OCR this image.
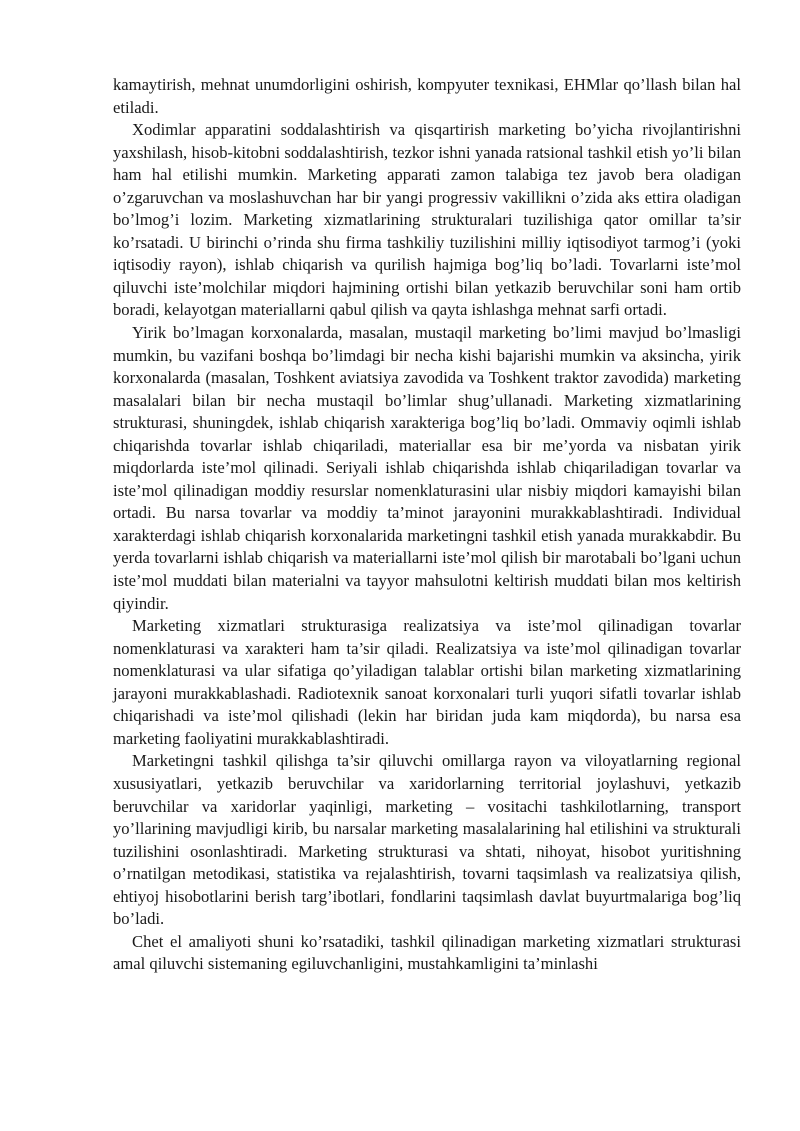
kamaytirish, mehnat unumdorligini oshirish, kompyuter texnikasi, EHMlar qo’llash bilan hal etiladi.

Xodimlar apparatini soddalashtirish va qisqartirish marketing bo’yicha rivojlantirishni yaxshilash, hisob-kitobni soddalashtirish, tezkor ishni yanada ratsional tashkil etish yo’li bilan ham hal etilishi mumkin. Marketing apparati zamon talabiga tez javob bera oladigan o’zgaruvchan va moslashuvchan har bir yangi progressiv vakillikni o’zida aks ettira oladigan bo’lmog’i lozim. Marketing xizmatlarining strukturalari tuzilishiga qator omillar ta’sir ko’rsatadi. U birinchi o’rinda shu firma tashkiliy tuzilishini milliy iqtisodiyot tarmog’i (yoki iqtisodiy rayon), ishlab chiqarish va qurilish hajmiga bog’liq bo’ladi. Tovarlarni iste’mol qiluvchi iste’molchilar miqdori hajmining ortishi bilan yetkazib beruvchilar soni ham ortib boradi, kelayotgan materiallarni qabul qilish va qayta ishlashga mehnat sarfi ortadi.

Yirik bo’lmagan korxonalarda, masalan, mustaqil marketing bo’limi mavjud bo’lmasligi mumkin, bu vazifani boshqa bo’limdagi bir necha kishi bajarishi mumkin va aksincha, yirik korxonalarda (masalan, Toshkent aviatsiya zavodida va Toshkent traktor zavodida) marketing masalalari bilan bir necha mustaqil bo’limlar shug’ullanadi. Marketing xizmatlarining strukturasi, shuningdek, ishlab chiqarish xarakteriga bog’liq bo’ladi. Ommaviy oqimli ishlab chiqarishda tovarlar ishlab chiqariladi, materiallar esa bir me’yorda va nisbatan yirik miqdorlarda iste’mol qilinadi. Seriyali ishlab chiqarishda ishlab chiqariladigan tovarlar va iste’mol qilinadigan moddiy resurslar nomenklaturasini ular nisbiy miqdori kamayishi bilan ortadi. Bu narsa tovarlar va moddiy ta’minot jarayonini murakkablashtiradi. Individual xarakterdagi ishlab chiqarish korxonalarida marketingni tashkil etish yanada murakkabdir. Bu yerda tovarlarni ishlab chiqarish va materiallarni iste’mol qilish bir marotabali bo’lgani uchun iste’mol muddati bilan materialni va tayyor mahsulotni keltirish muddati bilan mos keltirish qiyindir.

Marketing xizmatlari strukturasiga realizatsiya va iste’mol qilinadigan tovarlar nomenklaturasi va xarakteri ham ta’sir qiladi. Realizatsiya va iste’mol qilinadigan tovarlar nomenklaturasi va ular sifatiga qo’yiladigan talablar ortishi bilan marketing xizmatlarining jarayoni murakkablashadi. Radiotexnik sanoat korxonalari turli yuqori sifatli tovarlar ishlab chiqarishadi va iste’mol qilishadi (lekin har biridan juda kam miqdorda), bu narsa esa marketing faoliyatini murakkablashtiradi.

Marketingni tashkil qilishga ta’sir qiluvchi omillarga rayon va viloyatlarning regional xususiyatlari, yetkazib beruvchilar va xaridorlarning territorial joylashuvi, yetkazib beruvchilar va xaridorlar yaqinligi, marketing – vositachi tashkilotlarning, transport yo’llarining mavjudligi kirib, bu narsalar marketing masalalarining hal etilishini va strukturali tuzilishini osonlashtiradi. Marketing strukturasi va shtati, nihoyat, hisobot yuritishning o’rnatilgan metodikasi, statistika va rejalashtirish, tovarni taqsimlash va realizatsiya qilish, ehtiyoj hisobotlarini berish targ’ibotlari, fondlarini taqsimlash davlat buyurtmalariga bog’liq bo’ladi.

Chet el amaliyoti shuni ko’rsatadiki, tashkil qilinadigan marketing xizmatlari strukturasi amal qiluvchi sistemaning egiluvchanligini, mustahkamligini ta’minlashi
